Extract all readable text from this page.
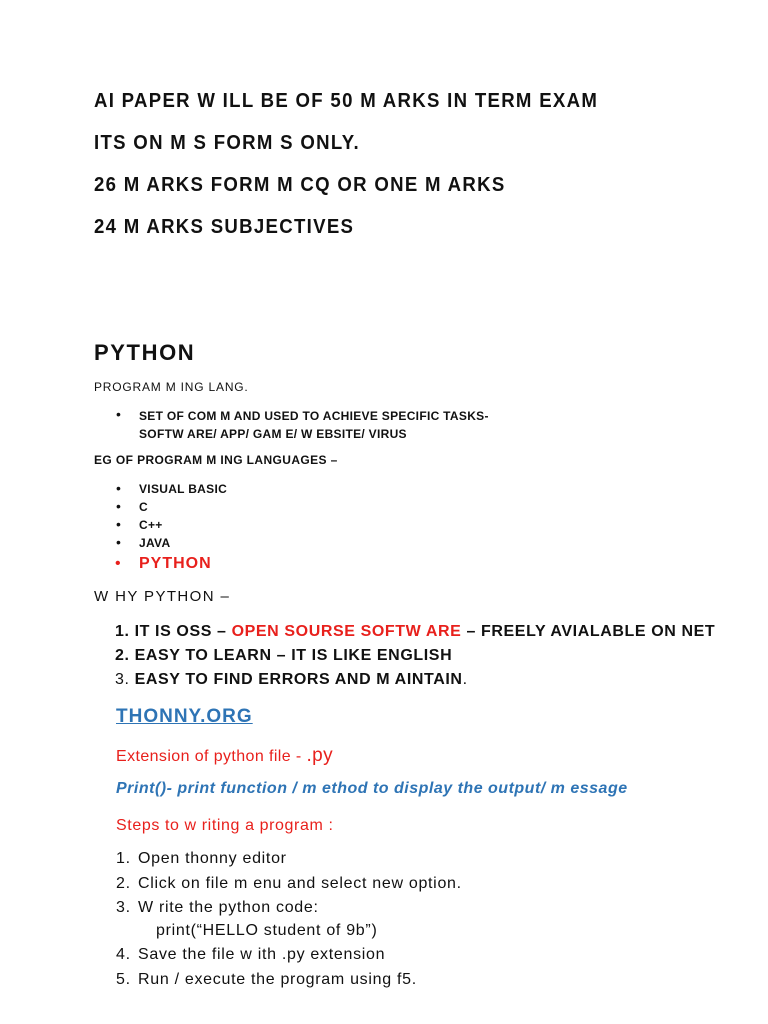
AI PAPER W ILL BE OF 50 M ARKS IN TERM EXAM
ITS ON M S FORM S ONLY.
26 M ARKS FORM M CQ OR ONE M ARKS
24 M ARKS SUBJECTIVES
PYTHON
PROGRAM M ING LANG.
• SET OF COM M AND USED TO ACHIEVE SPECIFIC TASKS-
SOFTW ARE/ APP/ GAM E/ W EBSITE/ VIRUS
EG OF PROGRAM M ING LANGUAGES –
• VISUAL BASIC
• C
• C++
• JAVA
• PYTHON
W HY PYTHON –
1. IT IS OSS – OPEN SOURSE SOFTW ARE – FREELY AVIALABLE ON NET
2. EASY TO LEARN – IT IS LIKE ENGLISH
3. EASY TO FIND ERRORS AND M AINTAIN.
THONNY.ORG
Extension of python file - .py
Print()- print function / m ethod to display the output/ m essage
Steps to w riting a program :
1. Open thonny editor
2. Click on file m enu and select new option.
3. W rite the python code:
print(“HELLO student of 9b”)
4. Save the file w ith .py extension
5. Run / execute the program using f5.
